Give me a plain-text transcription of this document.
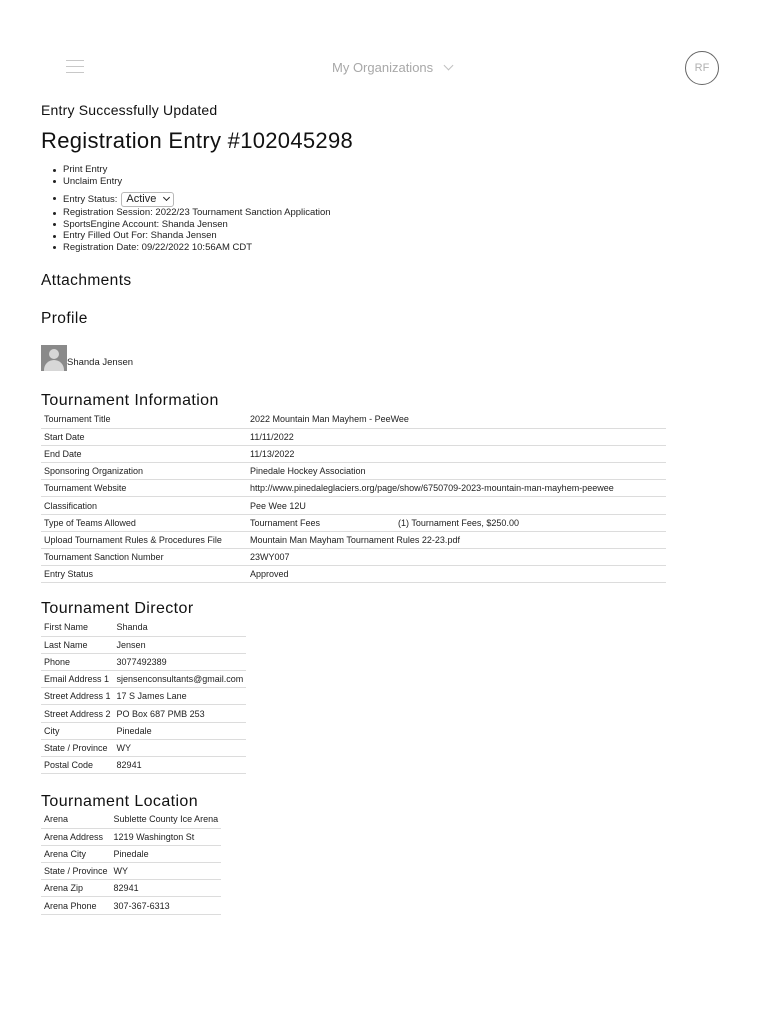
My Organizations	RF
Entry Successfully Updated
Registration Entry #102045298
Print Entry
Unclaim Entry
Entry Status: Active
Registration Session: 2022/23 Tournament Sanction Application
SportsEngine Account: Shanda Jensen
Entry Filled Out For: Shanda Jensen
Registration Date: 09/22/2022 10:56AM CDT
Attachments
Profile
Shanda Jensen
Tournament Information
Tournament Title	2022 Mountain Man Mayhem - PeeWee
Start Date	11/11/2022
End Date	11/13/2022
Sponsoring Organization	Pinedale Hockey Association
Tournament Website	http://www.pinedaleglaciers.org/page/show/6750709-2023-mountain-man-mayhem-peewee
Classification	Pee Wee 12U
Type of Teams Allowed	Tournament Fees (1) Tournament Fees, $250.00
Upload Tournament Rules & Procedures File	Mountain Man Mayham Tournament Rules 22-23.pdf
Tournament Sanction Number	23WY007
Entry Status	Approved
Tournament Director
First Name	Shanda
Last Name	Jensen
Phone	3077492389
Email Address 1	sjensenconsultants@gmail.com
Street Address 1	17 S James Lane
Street Address 2	PO Box 687 PMB 253
City	Pinedale
State / Province	WY
Postal Code	82941
Tournament Location
Arena	Sublette County Ice Arena
Arena Address	1219 Washington St
Arena City	Pinedale
State / Province	WY
Arena Zip	82941
Arena Phone	307-367-6313
